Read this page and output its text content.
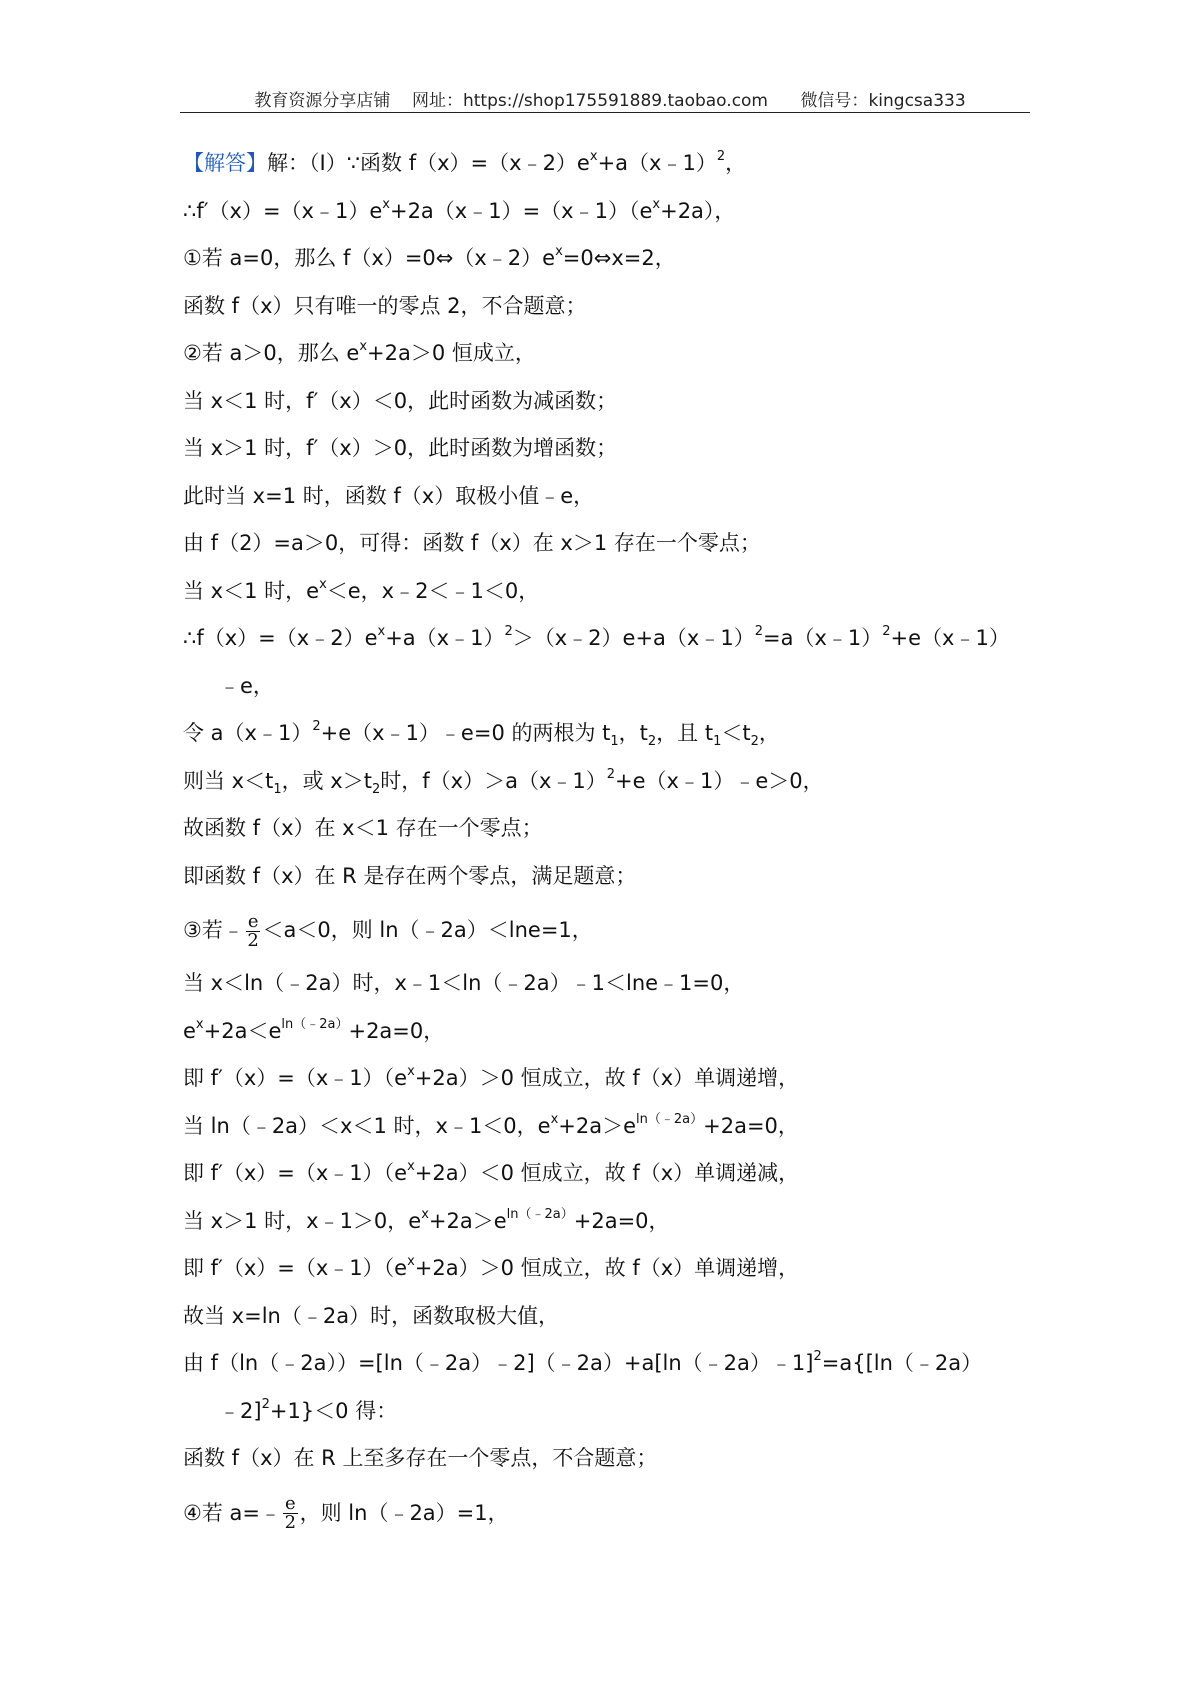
教育资源分享店铺 网址：https://shop175591889.taobao.com 微信号：kingcsa333
【解答】解：（Ⅰ）∵函数 $f(x)=(x﹣2)e^x+a(x﹣1)^2$，
$\therefore f'(x)=(x﹣1)e^x+2a(x﹣1)=(x﹣1)(e^x+2a)$，
①若 a=0，那么 $f(x)=0\Leftrightarrow(x﹣2)e^x=0\Leftrightarrow x=2$，
函数 f（x）只有唯一的零点 2，不合题意；
②若 a＞0，那么 $e^x+2a>0$ 恒成立，
当 x＜1 时，f′（x）＜0，此时函数为减函数；
当 x＞1 时，f′（x）＞0，此时函数为增函数；
此时当 x=1 时，函数 f（x）取极小值﹣e，
由 f（2）=a＞0，可得：函数 f（x）在 x＞1 存在一个零点；
当 x＜1 时，$e^x<e$，x﹣2＜﹣1＜0，
$\therefore f(x)=(x﹣2)e^x+a(x﹣1)^2>(x﹣2)e+a(x﹣1)^2=a(x﹣1)^2+e(x﹣1)$
﹣e，
令 a（x﹣1）$^2$+e（x﹣1）﹣e=0 的两根为 $t_1$，$t_2$，且 $t_1<t_2$，
则当 $x<t_1$，或 $x>t_2$时，f（x）＞a（x﹣1）$^2$+e（x﹣1）﹣e＞0，
故函数 f（x）在 x＜1 存在一个零点；
即函数 f（x）在 R 是存在两个零点，满足题意；
③若﹣ $\frac{e}{2} <a<0$，则 ln（﹣2a）＜lne=1，
当 x＜ln（﹣2a）时，x﹣1＜ln（﹣2a）﹣1＜lne﹣1=0，
$e^x+2a<e^{ln(﹣2a)}+2a=0$，
即 $f'(x)=(x﹣1)(e^x+2a)>0$ 恒成立，故 f（x）单调递增，
当 ln（﹣2a）＜x＜1 时，x﹣1＜0，$e^x+2a>e^{ln(﹣2a)}+2a=0$，
即 $f'(x)=(x﹣1)(e^x+2a)<0$ 恒成立，故 f（x）单调递减，
当 x＞1 时，x﹣1＞0，$e^x+2a>e^{ln(﹣2a)}+2a=0$，
即 $f'(x)=(x﹣1)(e^x+2a)>0$ 恒成立，故 f（x）单调递增，
故当 x=ln（﹣2a）时，函数取极大值，
由 f（ln（﹣2a））=[ln（﹣2a）﹣2]（﹣2a）+a[ln（﹣2a）﹣1]$^2$=a{[ln（﹣2a）
﹣2]$^2$+1}＜0 得：
函数 f（x）在 R 上至多存在一个零点，不合题意；
④若 a=﹣ $\frac{e}{2}$ ，则 ln（﹣2a）=1，
